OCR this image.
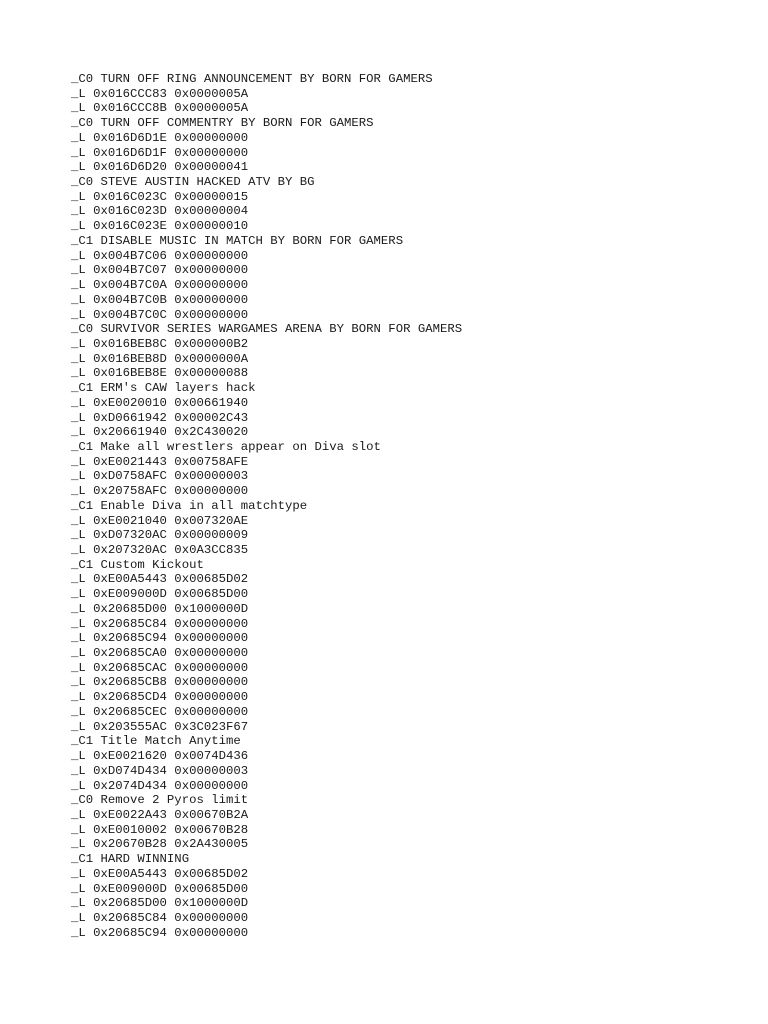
_C0 TURN OFF RING ANNOUNCEMENT BY BORN FOR GAMERS
_L 0x016CCC83 0x0000005A
_L 0x016CCC8B 0x0000005A
_C0 TURN OFF COMMENTRY BY BORN FOR GAMERS
_L 0x016D6D1E 0x00000000
_L 0x016D6D1F 0x00000000
_L 0x016D6D20 0x00000041
_C0 STEVE AUSTIN HACKED ATV BY BG
_L 0x016C023C 0x00000015
_L 0x016C023D 0x00000004
_L 0x016C023E 0x00000010
_C1 DISABLE MUSIC IN MATCH BY BORN FOR GAMERS
_L 0x004B7C06 0x00000000
_L 0x004B7C07 0x00000000
_L 0x004B7C0A 0x00000000
_L 0x004B7C0B 0x00000000
_L 0x004B7C0C 0x00000000
_C0 SURVIVOR SERIES WARGAMES ARENA BY BORN FOR GAMERS
_L 0x016BEB8C 0x000000B2
_L 0x016BEB8D 0x0000000A
_L 0x016BEB8E 0x00000088
_C1 ERM's CAW layers hack
_L 0xE0020010 0x00661940
_L 0xD0661942 0x00002C43
_L 0x20661940 0x2C430020
_C1 Make all wrestlers appear on Diva slot
_L 0xE0021443 0x00758AFE
_L 0xD0758AFC 0x00000003
_L 0x20758AFC 0x00000000
_C1 Enable Diva in all matchtype
_L 0xE0021040 0x007320AE
_L 0xD07320AC 0x00000009
_L 0x207320AC 0x0A3CC835
_C1 Custom Kickout
_L 0xE00A5443 0x00685D02
_L 0xE009000D 0x00685D00
_L 0x20685D00 0x1000000D
_L 0x20685C84 0x00000000
_L 0x20685C94 0x00000000
_L 0x20685CA0 0x00000000
_L 0x20685CAC 0x00000000
_L 0x20685CB8 0x00000000
_L 0x20685CD4 0x00000000
_L 0x20685CEC 0x00000000
_L 0x203555AC 0x3C023F67
_C1 Title Match Anytime
_L 0xE0021620 0x0074D436
_L 0xD074D434 0x00000003
_L 0x2074D434 0x00000000
_C0 Remove 2 Pyros limit
_L 0xE0022A43 0x00670B2A
_L 0xE0010002 0x00670B28
_L 0x20670B28 0x2A430005
_C1 HARD WINNING
_L 0xE00A5443 0x00685D02
_L 0xE009000D 0x00685D00
_L 0x20685D00 0x1000000D
_L 0x20685C84 0x00000000
_L 0x20685C94 0x00000000
